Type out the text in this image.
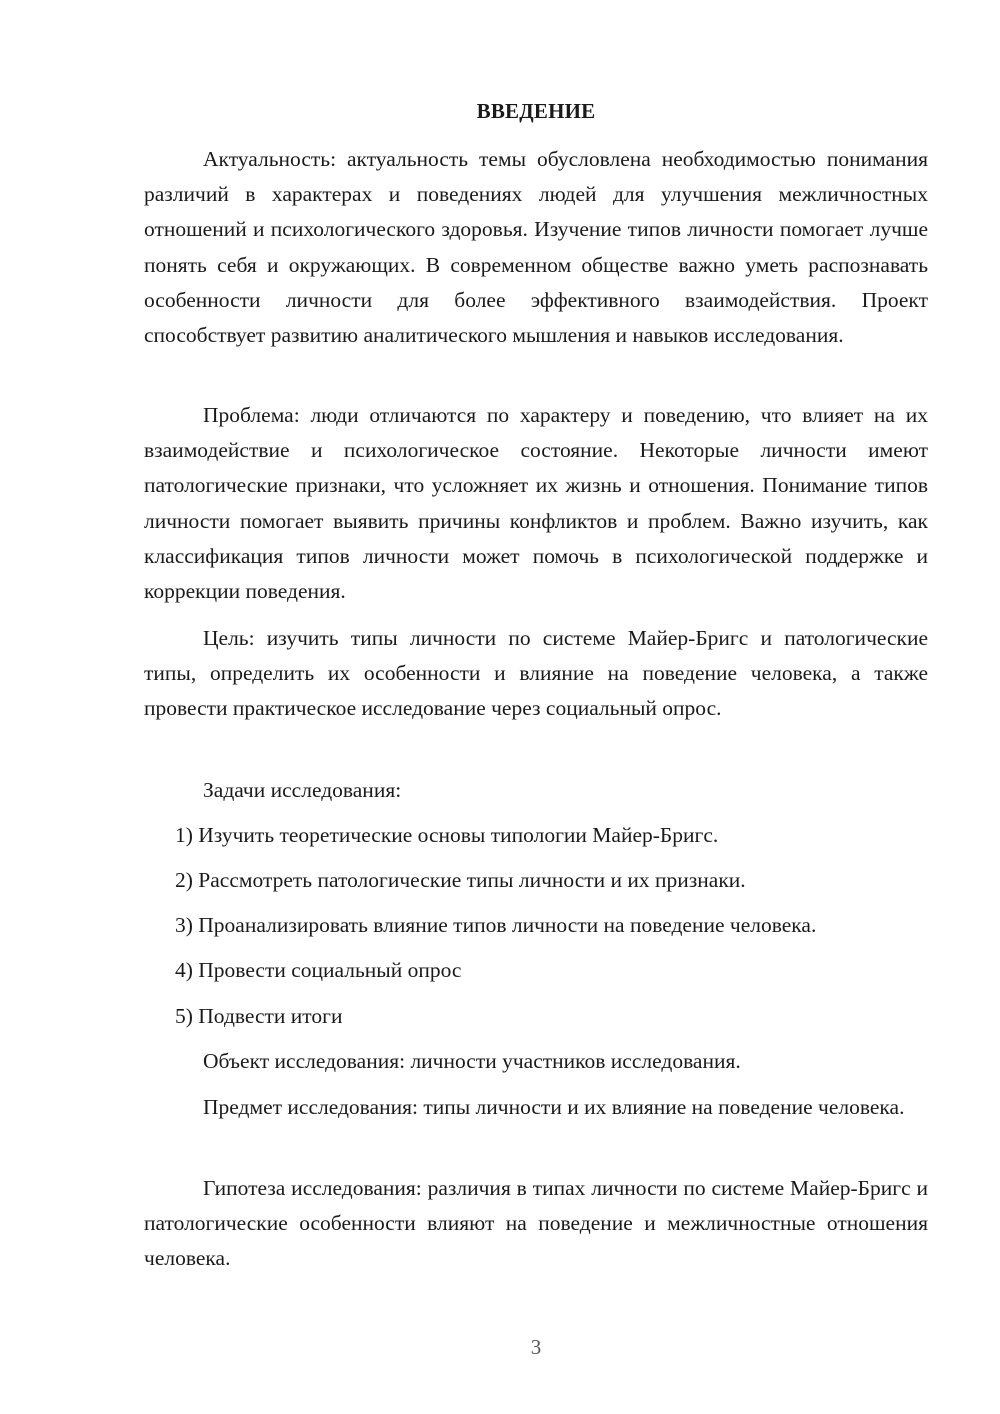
ВВЕДЕНИЕ

Актуальность: актуальность темы обусловлена необходимостью понимания различий в характерах и поведениях людей для улучшения межличностных отношений и психологического здоровья. Изучение типов личности помогает лучше понять себя и окружающих. В современном обществе важно уметь распознавать особенности личности для более эффективного взаимодействия. Проект способствует развитию аналитического мышления и навыков исследования.

Проблема: люди отличаются по характеру и поведению, что влияет на их взаимодействие и психологическое состояние. Некоторые личности имеют патологические признаки, что усложняет их жизнь и отношения. Понимание типов личности помогает выявить причины конфликтов и проблем. Важно изучить, как классификация типов личности может помочь в психологической поддержке и коррекции поведения.

Цель: изучить типы личности по системе Майер-Бригс и патологические типы, определить их особенности и влияние на поведение человека, а также провести практическое исследование через социальный опрос.

Задачи исследования:

1) Изучить теоретические основы типологии Майер-Бригс.

2) Рассмотреть патологические типы личности и их признаки.

3) Проанализировать влияние типов личности на поведение человека.

4) Провести социальный опрос

5) Подвести итоги

Объект исследования: личности участников исследования.

Предмет исследования: типы личности и их влияние на поведение человека.

Гипотеза исследования: различия в типах личности по системе Майер-Бригс и патологические особенности влияют на поведение и межличностные отношения человека.

3
